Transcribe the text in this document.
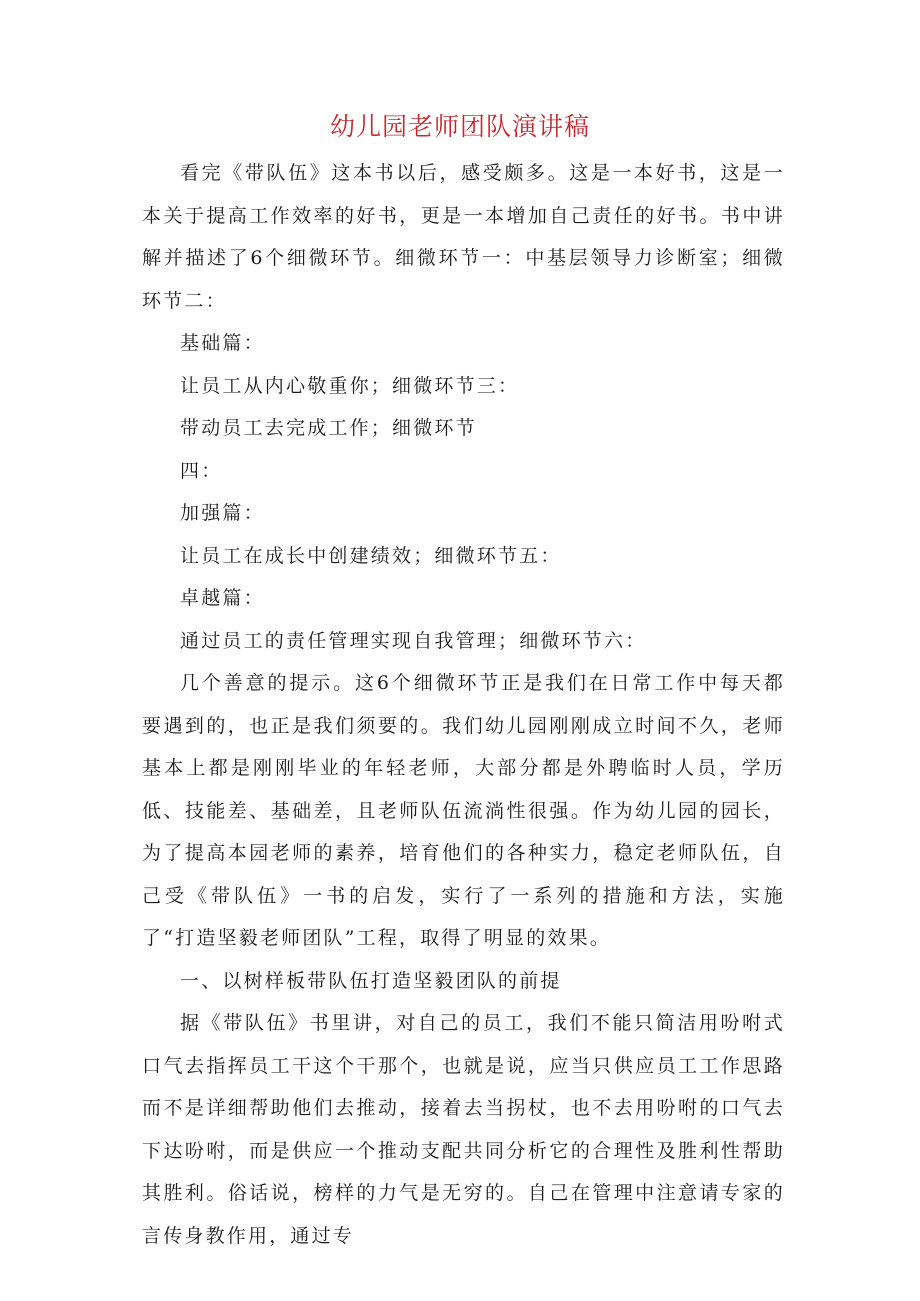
幼儿园老师团队演讲稿

看完《带队伍》这本书以后，感受颇多。这是一本好书，这是一本关于提高工作效率的好书，更是一本增加自己责任的好书。书中讲解并描述了6个细微环节。细微环节一：中基层领导力诊断室；细微环节二：

基础篇：

让员工从内心敬重你；细微环节三：

带动员工去完成工作；细微环节

四：

加强篇：

让员工在成长中创建绩效；细微环节五：

卓越篇：

通过员工的责任管理实现自我管理；细微环节六：

几个善意的提示。这6个细微环节正是我们在日常工作中每天都要遇到的，也正是我们须要的。我们幼儿园刚刚成立时间不久，老师基本上都是刚刚毕业的年轻老师，大部分都是外聘临时人员，学历低、技能差、基础差，且老师队伍流淌性很强。作为幼儿园的园长，为了提高本园老师的素养，培育他们的各种实力，稳定老师队伍，自己受《带队伍》一书的启发，实行了一系列的措施和方法，实施了“打造坚毅老师团队”工程，取得了明显的效果。

一、以树样板带队伍打造坚毅团队的前提

据《带队伍》书里讲，对自己的员工，我们不能只简洁用吩咐式口气去指挥员工干这个干那个，也就是说，应当只供应员工工作思路而不是详细帮助他们去推动，接着去当拐杖，也不去用吩咐的口气去下达吩咐，而是供应一个推动支配共同分析它的合理性及胜利性帮助其胜利。俗话说，榜样的力气是无穷的。自己在管理中注意请专家的言传身教作用，通过专
